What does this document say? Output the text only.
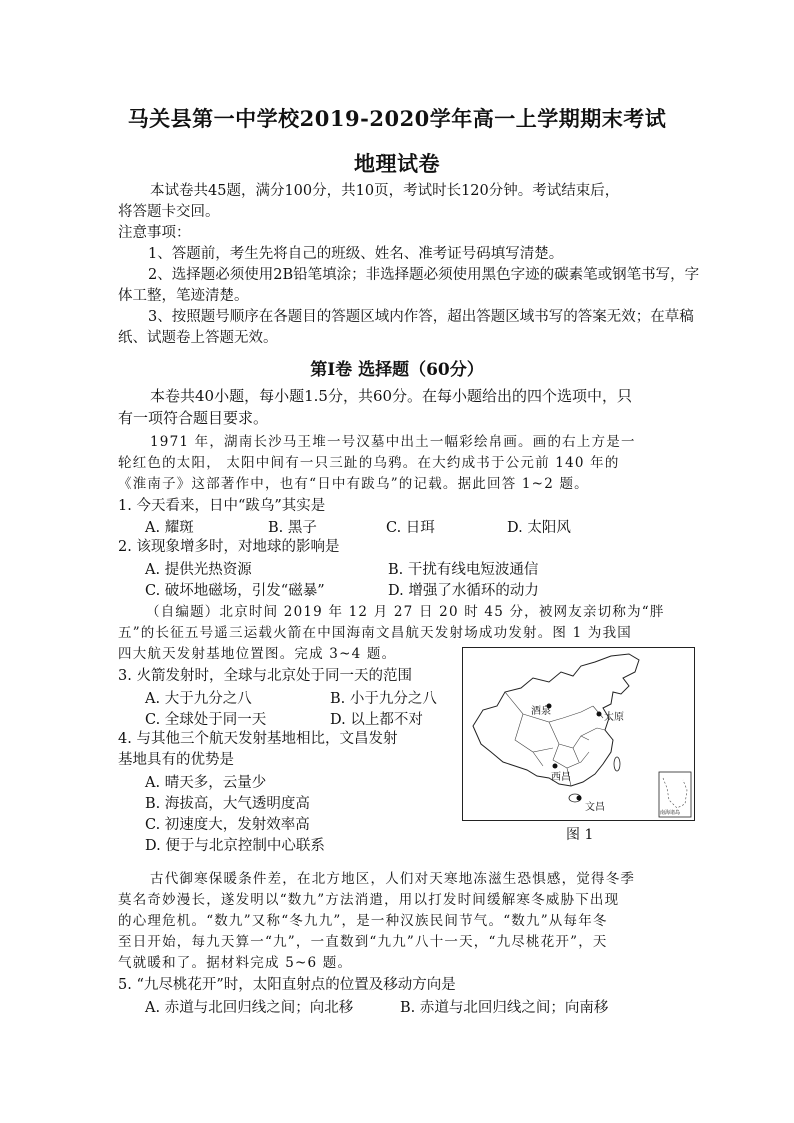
马关县第一中学校2019-2020学年高一上学期期末考试
地理试卷
本试卷共45题，满分100分，共10页，考试时长120分钟。考试结束后，
将答题卡交回。
注意事项：
1、答题前，考生先将自己的班级、姓名、准考证号码填写清楚。
2、选择题必须使用2B铅笔填涂；非选择题必须使用黑色字迹的碳素笔或钢笔书写，字
体工整，笔迹清楚。
3、按照题号顺序在各题目的答题区域内作答，超出答题区域书写的答案无效；在草稿
纸、试题卷上答题无效。
第Ⅰ卷 选择题（60分）
本卷共40小题，每小题1.5分，共60分。在每小题给出的四个选项中，只
有一项符合题目要求。
1971 年，湖南长沙马王堆一号汉墓中出土一幅彩绘帛画。画的右上方是一
轮红色的太阳， 太阳中间有一只三趾的乌鸦。在大约成书于公元前 140 年的
《淮南子》这部著作中，也有“日中有跋乌”的记载。据此回答 1~2 题。
1. 今天看来，日中“跋乌”其实是
A. 耀斑	B. 黑子	C. 日珥	D. 太阳风
2. 该现象增多时，对地球的影响是
A. 提供光热资源	B. 干扰有线电短波通信
C. 破坏地磁场，引发“磁暴”	D. 增强了水循环的动力
（自编题）北京时间 2019 年 12 月 27 日 20 时 45 分，被网友亲切称为“胖
五”的长征五号遥三运载火箭在中国海南文昌航天发射场成功发射。图 1 为我国
四大航天发射基地位置图。完成 3~4 题。
3. 火箭发射时，全球与北京处于同一天的范围
A. 大于九分之八	B. 小于九分之八
C. 全球处于同一天	D. 以上都不对
4. 与其他三个航天发射基地相比，文昌发射
基地具有的优势是
A. 晴天多，云量少
B. 海拔高，大气透明度高
C. 初速度大，发射效率高
D. 便于与北京控制中心联系
酒泉
太原
西昌
文昌	南海诸岛
图 1
古代御寒保暖条件差，在北方地区，人们对天寒地冻滋生恐惧感，觉得冬季
莫名奇妙漫长，遂发明以“数九”方法消遣，用以打发时间缓解寒冬威胁下出现
的心理危机。“数九”又称“冬九九”，是一种汉族民间节气。“数九”从每年冬
至日开始，每九天算一“九”，一直数到“九九”八十一天，“九尽桃花开”，天
气就暖和了。据材料完成 5~6 题。
5. “九尽桃花开”时，太阳直射点的位置及移动方向是
A. 赤道与北回归线之间；向北移	B. 赤道与北回归线之间；向南移
